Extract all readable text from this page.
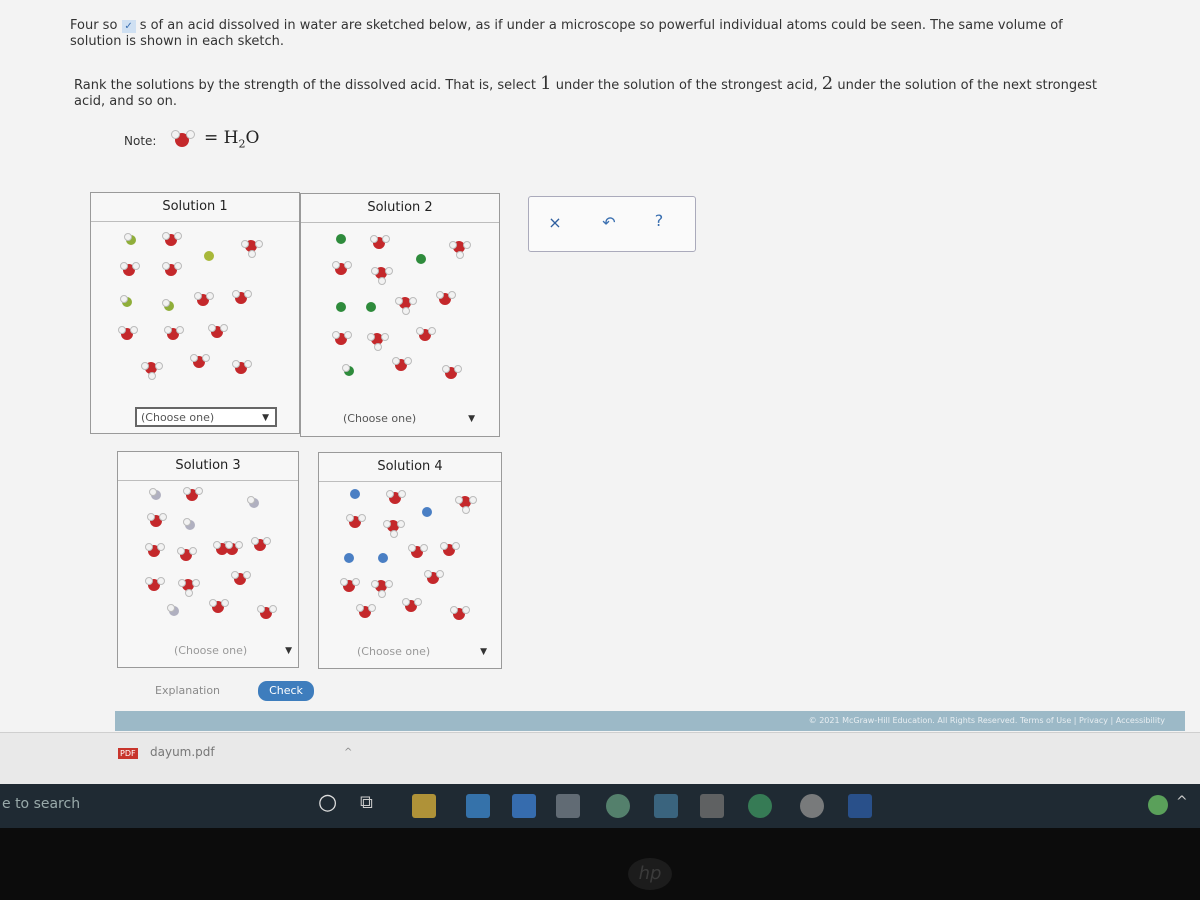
Four so ✓ s of an acid dissolved in water are sketched below, as if under a microscope so powerful individual atoms could be seen. The same volume of
solution is shown in each sketch.
Rank the solutions by the strength of the dissolved acid. That is, select 1 under the solution of the strongest acid, 2 under the solution of the next strongest
acid, and so on.
Note:	= $H_2O$
Solution 1
(Choose one)	▼
Solution 2
(Choose one)	▼
×	↶	?
Solution 3
(Choose one)	▼
Solution 4
(Choose one)	▼
Explanation	Check
© 2021 McGraw-Hill Education. All Rights Reserved. Terms of Use | Privacy | Accessibility
PDF dayum.pdf	^
e to search	○ ⧉	^
hp
